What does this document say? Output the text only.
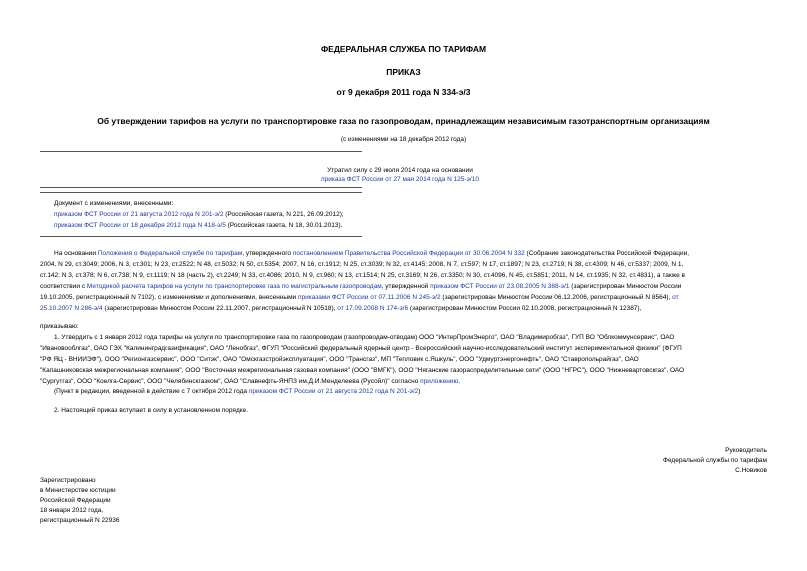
ФЕДЕРАЛЬНАЯ СЛУЖБА ПО ТАРИФАМ
ПРИКАЗ
от 9 декабря 2011 года N 334-э/3
Об утверждении тарифов на услуги по транспортировке газа по газопроводам, принадлежащим независимым газотранспортным организациям
(с изменениями на 18 декабря 2012 года)
Утратил силу с 29 июля 2014 года на основании
приказа ФСТ России от 27 мая 2014 года N 125-э/10
Документ с изменениями, внесенными:
приказом ФСТ России от 21 августа 2012 года N 201-э/2 (Российская газета, N 221, 26.09.2012);
приказом ФСТ России от 18 декабря 2012 года N 418-э/5 (Российская газета, N 18, 30.01.2013).
На основании Положения о Федеральной службе по тарифам, утвержденного постановлением Правительства Российской Федерации от 30.06.2004 N 332 (Собрание законодательства Российской Федерации,
2004, N 29, ст.3049; 2006, N 3, ст.301; N 23, ст.2522; N 48, ст.5032; N 50, ст.5354; 2007, N 16, ст.1912; N 25, ст.3039; N 32, ст.4145; 2008, N 7, ст.597; N 17, ст.1897; N 23, ст.2719; N 38, ст.4309; N 46, ст.5337; 2009, N 1,
ст.142; N 3, ст.378; N 6, ст.738; N 9, ст.1119; N 18 (часть 2), ст.2249; N 33, ст.4086; 2010, N 9, ст.960; N 13, ст.1514; N 25, ст.3169; N 26, ст.3350; N 30, ст.4096, N 45, ст.5851; 2011, N 14, ст.1935; N 32, ст.4831), а также в
соответствии с Методикой расчета тарифов на услуги по транспортировке газа по магистральным газопроводам, утвержденной приказом ФСТ России от 23.08.2005 N 388-э/1 (зарегистрирован Минюстом России
19.10.2005, регистрационный N 7102), с изменениями и дополнениями, внесенными приказами ФСТ России от 07.11.2006 N 245-э/2 (зарегистрирован Минюстом России 06.12.2006, регистрационный N 8564), от
25.10.2007 N 286-э/4 (зарегистрирован Минюстом России 22.11.2007, регистрационный N 10518), от 17.09.2008 N 174-э/6 (зарегистрирован Минюстом России 02.10.2008, регистрационный N 12387),
приказываю:
1. Утвердить с 1 января 2012 года тарифы на услуги по транспортировке газа по газопроводам (газопроводам-отводам) ООО "ИнтерПромЭнерго", ОАО "Владимиробгаз", ГУП ВО "Облкоммунсервис", ОАО
"Ивановооблгаз", ОАО ГЭХ "Калининградгазификация", ОАО "Ленобгаз", ФГУП "Российский федеральный ядерный центр - Всероссийский научно-исследовательский институт экспериментальной физики" (ФГУП
"РФ ЯЦ - ВНИИЭФ"), ООО "Регионгазсервис", ООО "Ситэк", ОАО "Омскгазстройэксплуатация", ООО "Трансгаз", МП "Тепловик с.Яшкуль", ООО "Удмуртэнергонефть", ОАО "Ставропольрайгаз", ОАО
"Капашниковская межрегиональная компания", ООО "Восточная межрегиональная газовая компания" (ООО "ВМГК"), ООО "Няганские газораспределительные сети" (ООО "НГРС"), ООО "Нижневартовскгаз", ОАО
"Сургутгаз", ООО "Коелга-Сервис", ООО "Челябинскгазком", ОАО "Славнефть-ЯНПЗ им.Д.И.Менделеева (Русойл)" согласно приложению.
(Пункт в редакции, введенной в действие с 7 октября 2012 года приказом ФСТ России от 21 августа 2012 года N 201-э/2)
2. Настоящий приказ вступает в силу в установленном порядке.
Руководитель
Федеральной службы по тарифам
С.Новиков
Зарегистрировано
в Министерстве юстиции
Российской Федерации
18 января 2012 года,
регистрационный N 22936
